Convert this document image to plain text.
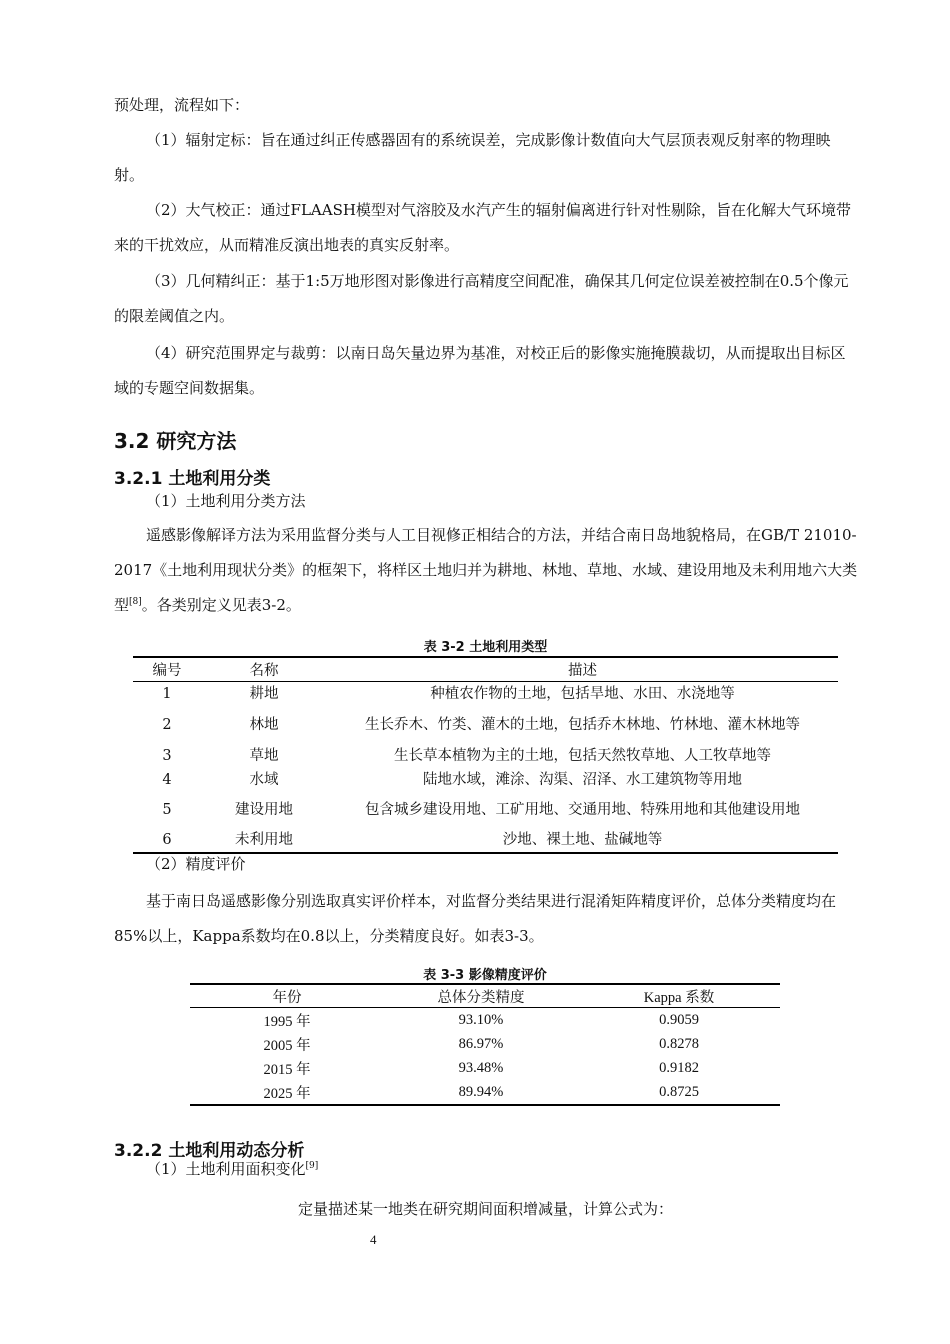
预处理，流程如下：

（1）辐射定标：旨在通过纠正传感器固有的系统误差，完成影像计数值向大气层顶表观反射率的物理映射。

（2）大气校正：通过FLAASH模型对气溶胶及水汽产生的辐射偏离进行针对性剔除，旨在化解大气环境带来的干扰效应，从而精准反演出地表的真实反射率。

（3）几何精纠正：基于1:5万地形图对影像进行高精度空间配准，确保其几何定位误差被控制在0.5个像元的限差阈值之内。

（4）研究范围界定与裁剪：以南日岛矢量边界为基准，对校正后的影像实施掩膜裁切，从而提取出目标区域的专题空间数据集。

3.2 研究方法
3.2.1 土地利用分类

（1）土地利用分类方法

遥感影像解译方法为采用监督分类与人工目视修正相结合的方法，并结合南日岛地貌格局，在GB/T 21010-2017《土地利用现状分类》的框架下，将样区土地归并为耕地、林地、草地、水域、建设用地及未利用地六大类型[8]。各类别定义见表3-2。

表 3-2 土地利用类型

编号	名称	描述
1	耕地	种植农作物的土地，包括旱地、水田、水浇地等
2	林地	生长乔木、竹类、灌木的土地，包括乔木林地、竹林地、灌木林地等
3	草地	生长草本植物为主的土地，包括天然牧草地、人工牧草地等
4	水域	陆地水域，滩涂、沟渠、沼泽、水工建筑物等用地
5	建设用地	包含城乡建设用地、工矿用地、交通用地、特殊用地和其他建设用地
6	未利用地	沙地、裸土地、盐碱地等

（2）精度评价

基于南日岛遥感影像分别选取真实评价样本，对监督分类结果进行混淆矩阵精度评价，总体分类精度均在85%以上，Kappa系数均在0.8以上，分类精度良好。如表3-3。

表 3-3 影像精度评价

年份	总体分类精度	Kappa 系数
1995 年	93.10%	0.9059
2005 年	86.97%	0.8278
2015 年	93.48%	0.9182
2025 年	89.94%	0.8725
3.2.2 土地利用动态分析

（1）土地利用面积变化[9]

定量描述某一地类在研究期间面积增减量，计算公式为：

4
